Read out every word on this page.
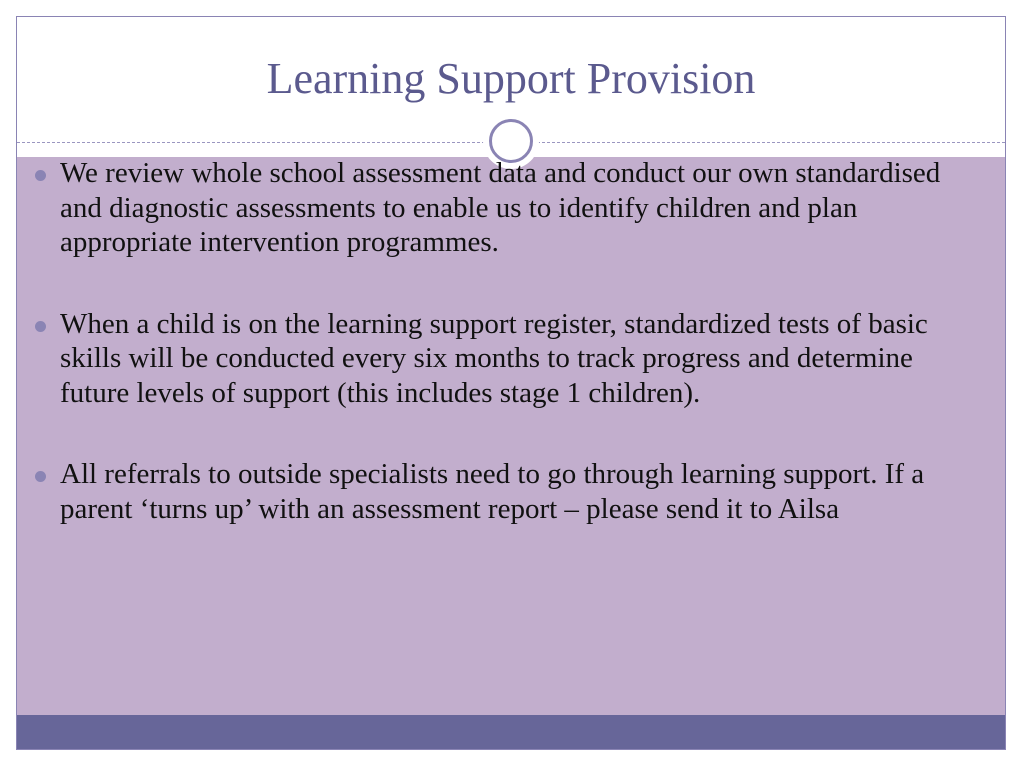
Learning Support Provision
We review whole school assessment data and conduct our own standardised and diagnostic assessments to enable us to identify children and plan appropriate intervention programmes.
When a child is on the learning support register, standardized tests of basic skills will be conducted every six months to track progress and determine future levels of support (this includes stage 1 children).
All referrals to outside specialists need to go through learning support. If a parent ‘turns up’ with an assessment report – please send it to Ailsa
